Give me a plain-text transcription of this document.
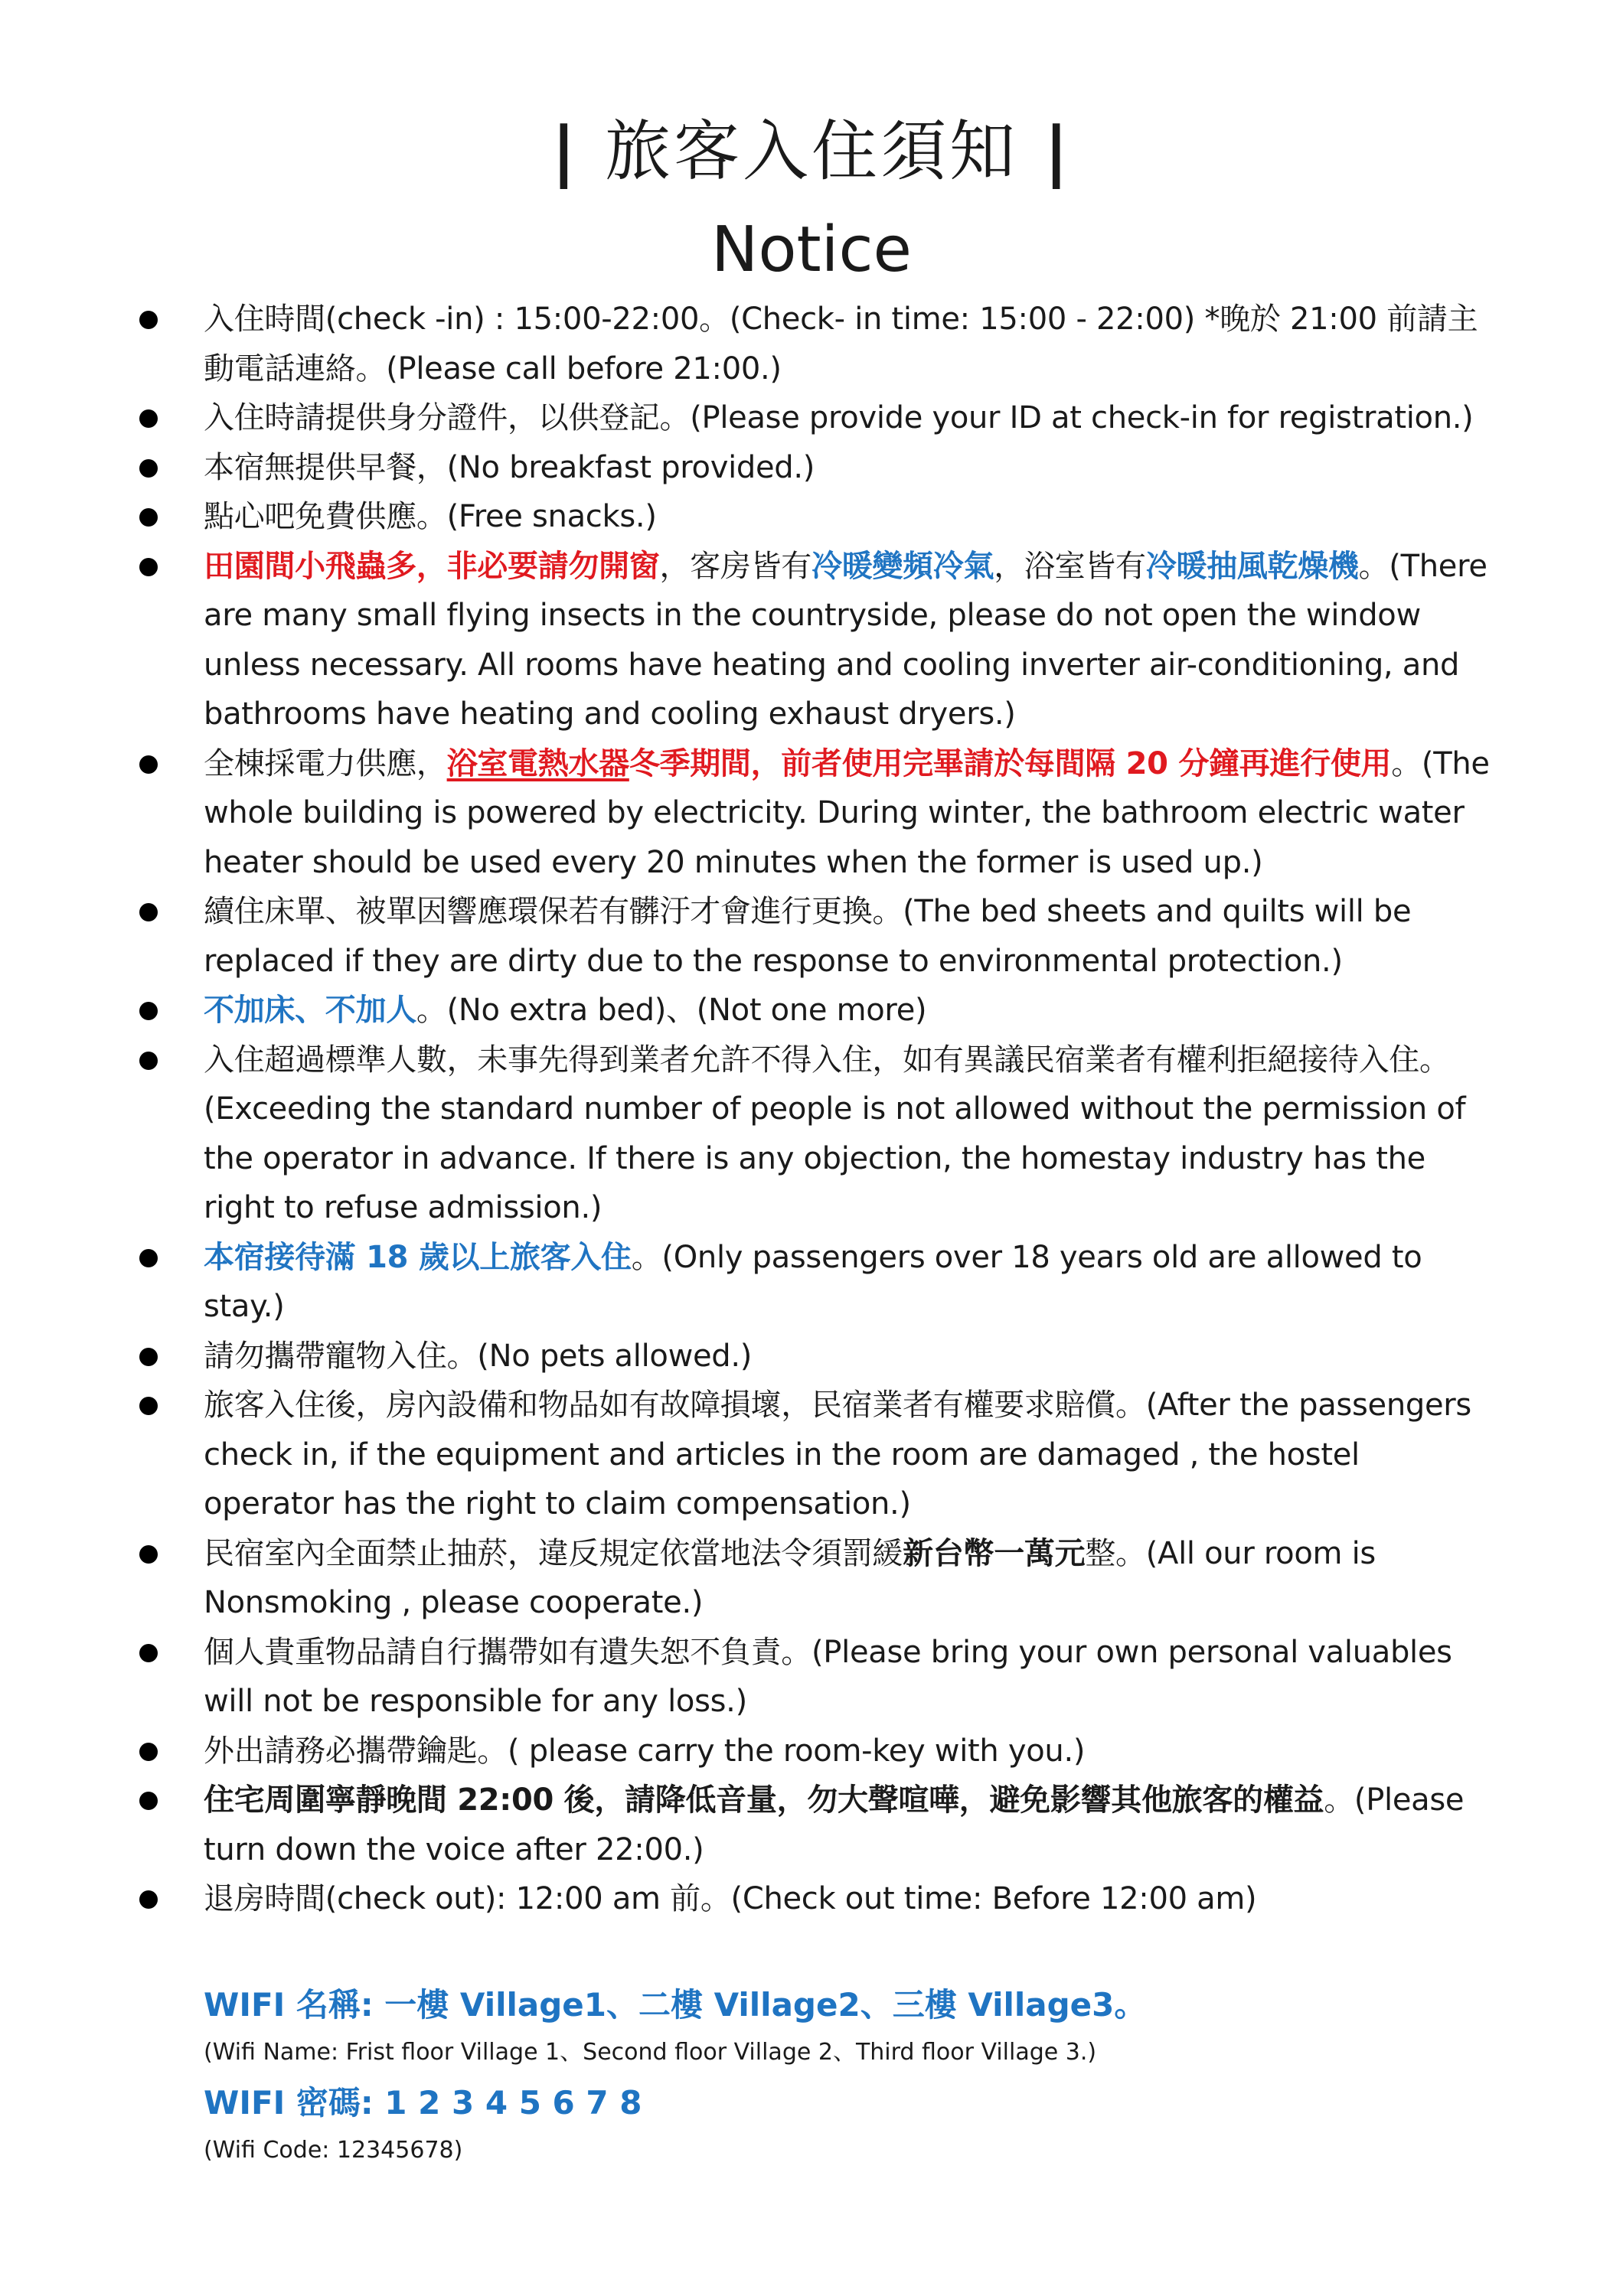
| 旅客入住須知 |
Notice
入住時間(check -in) : 15:00-22:00。(Check- in time: 15:00 - 22:00) *晚於 21:00 前請主動電話連絡。(Please call before 21:00.)
入住時請提供身分證件，以供登記。(Please provide your ID at check-in for registration.)
本宿無提供早餐，(No breakfast provided.)
點心吧免費供應。(Free snacks.)
田園間小飛蟲多，非必要請勿開窗，客房皆有冷暖變頻冷氣，浴室皆有冷暖抽風乾燥機。(There are many small flying insects in the countryside, please do not open the window unless necessary. All rooms have heating and cooling inverter air-conditioning, and bathrooms have heating and cooling exhaust dryers.)
全棟採電力供應，浴室電熱水器冬季期間，前者使用完畢請於每間隔 20 分鐘再進行使用。(The whole building is powered by electricity. During winter, the bathroom electric water heater should be used every 20 minutes when the former is used up.)
續住床單、被單因響應環保若有髒汙才會進行更換。(The bed sheets and quilts will be replaced if they are dirty due to the response to environmental protection.)
不加床、不加人。(No extra bed)、(Not one more)
入住超過標準人數，未事先得到業者允許不得入住，如有異議民宿業者有權利拒絕接待入住。(Exceeding the standard number of people is not allowed without the permission of the operator in advance. If there is any objection, the homestay industry has the right to refuse admission.)
本宿接待滿 18 歲以上旅客入住。(Only passengers over 18 years old are allowed to stay.)
請勿攜帶寵物入住。(No pets allowed.)
旅客入住後，房內設備和物品如有故障損壞，民宿業者有權要求賠償。(After the passengers check in, if the equipment and articles in the room are damaged , the hostel operator has the right to claim compensation.)
民宿室內全面禁止抽菸，違反規定依當地法令須罰緩新台幣一萬元整。(All our room is Nonsmoking , please cooperate.)
個人貴重物品請自行攜帶如有遺失恕不負責。(Please bring your own personal valuables will not be responsible for any loss.)
外出請務必攜帶鑰匙。( please carry the room-key with you.)
住宅周圍寧靜晚間 22:00 後，請降低音量，勿大聲喧嘩，避免影響其他旅客的權益。(Please turn down the voice after 22:00.)
退房時間(check out): 12:00 am 前。(Check out time: Before 12:00 am)
WIFI 名稱: 一樓 Village1、二樓 Village2、三樓 Village3。
(Wifi Name: Frist floor Village 1、Second floor Village 2、Third floor Village 3.)
WIFI 密碼: 1 2 3 4 5 6 7 8
(Wifi Code: 12345678)
